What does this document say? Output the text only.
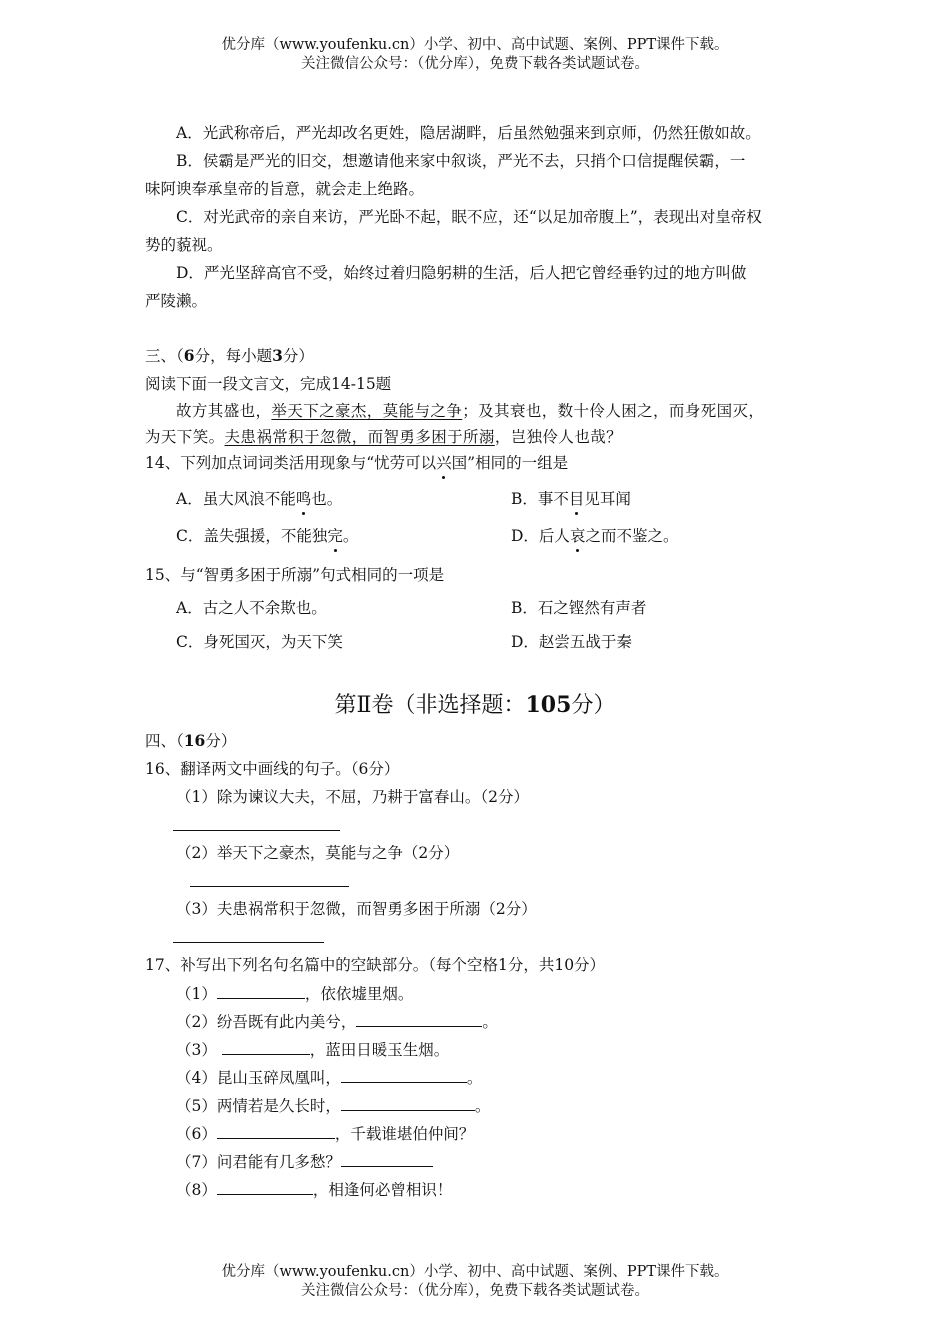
优分库（www.youfenku.cn）小学、初中、高中试题、案例、PPT课件下载。
关注微信公众号：（优分库），免费下载各类试题试卷。
A．光武称帝后，严光却改名更姓，隐居湖畔，后虽然勉强来到京师，仍然狂傲如故。
B．侯霸是严光的旧交，想邀请他来家中叙谈，严光不去，只捎个口信提醒侯霸，一
味阿谀奉承皇帝的旨意，就会走上绝路。
C．对光武帝的亲自来访，严光卧不起，眠不应，还“以足加帝腹上”，表现出对皇帝权
势的藐视。
D．严光坚辞高官不受，始终过着归隐躬耕的生活，后人把它曾经垂钓过的地方叫做
严陵濑。
三、（6分，每小题3分）
阅读下面一段文言文，完成14-15题
故方其盛也，举天下之豪杰，莫能与之争；及其衰也，数十伶人困之，而身死国灭，
为天下笑。夫患祸常积于忽微，而智勇多困于所溺，岂独伶人也哉？
14、下列加点词词类活用现象与“忧劳可以兴国”相同的一组是
A．虽大风浪不能鸣也。	B．事不目见耳闻
C．盖失强援，不能独完。	D．后人哀之而不鉴之。
15、与“智勇多困于所溺”句式相同的一项是
A．古之人不余欺也。	B．石之铿然有声者
C．身死国灭，为天下笑	D．赵尝五战于秦
第Ⅱ卷（非选择题：105分）
四、（16分）
16、翻译两文中画线的句子。（6分）
（1）除为谏议大夫，不屈，乃耕于富春山。（2分）
（2）举天下之豪杰，莫能与之争（2分）
（3）夫患祸常积于忽微，而智勇多困于所溺（2分）
17、补写出下列名句名篇中的空缺部分。（每个空格1分，共10分）
（1）	，依依墟里烟。
（2）纷吾既有此内美兮，	。
（3）	，蓝田日暖玉生烟。
（4）昆山玉碎凤凰叫，	。
（5）两情若是久长时，	。
（6）	，千载谁堪伯仲间？
（7）问君能有几多愁？
（8）	，相逢何必曾相识！
优分库（www.youfenku.cn）小学、初中、高中试题、案例、PPT课件下载。
关注微信公众号：（优分库），免费下载各类试题试卷。
